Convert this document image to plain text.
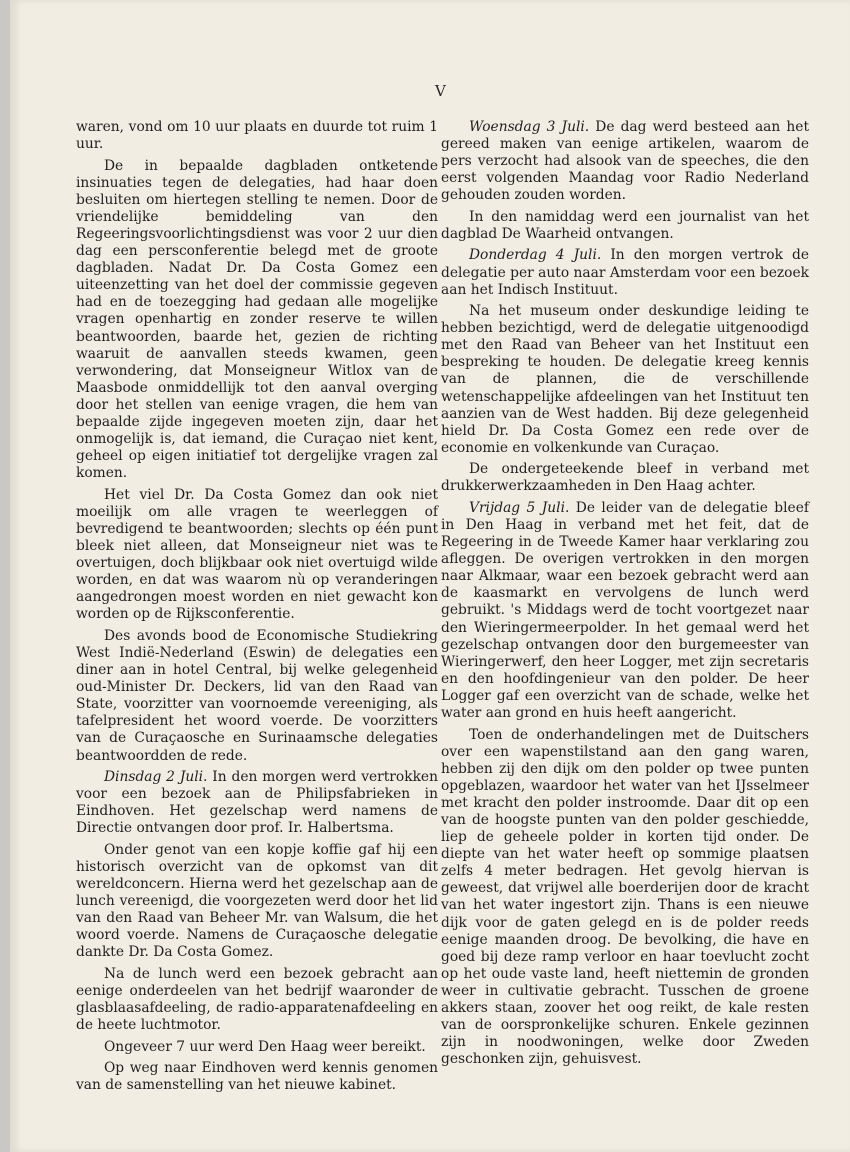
V

waren, vond om 10 uur plaats en duurde tot ruim 1 uur.

De in bepaalde dagbladen ontketende insinuaties tegen de delegaties, had haar doen besluiten om hiertegen stelling te nemen. Door de vriendelijke bemiddeling van den Regeeringsvoorlichtingsdienst was voor 2 uur dien dag een persconferentie belegd met de groote dagbladen. Nadat Dr. Da Costa Gomez een uiteenzetting van het doel der commissie gegeven had en de toezegging had gedaan alle mogelijke vragen openhartig en zonder reserve te willen beantwoorden, baarde het, gezien de richting waaruit de aanvallen steeds kwamen, geen verwondering, dat Monseigneur Witlox van de Maasbode onmiddellijk tot den aanval overging door het stellen van eenige vragen, die hem van bepaalde zijde ingegeven moeten zijn, daar het onmogelijk is, dat iemand, die Curaçao niet kent, geheel op eigen initiatief tot dergelijke vragen zal komen.

Het viel Dr. Da Costa Gomez dan ook niet moeilijk om alle vragen te weerleggen of bevredigend te beantwoorden; slechts op één punt bleek niet alleen, dat Monseigneur niet was te overtuigen, doch blijkbaar ook niet overtuigd wilde worden, en dat was waarom nù op veranderingen aangedrongen moest worden en niet gewacht kon worden op de Rijksconferentie.

Des avonds bood de Economische Studiekring West Indië-Nederland (Eswin) de delegaties een diner aan in hotel Central, bij welke gelegenheid oud-Minister Dr. Deckers, lid van den Raad van State, voorzitter van voornoemde vereeniging, als tafelpresident het woord voerde. De voorzitters van de Curaçaosche en Surinaamsche delegaties beantwoordden de rede.

Dinsdag 2 Juli. In den morgen werd vertrokken voor een bezoek aan de Philipsfabrieken in Eindhoven. Het gezelschap werd namens de Directie ontvangen door prof. Ir. Halbertsma.

Onder genot van een kopje koffie gaf hij een historisch overzicht van de opkomst van dit wereldconcern. Hierna werd het gezelschap aan de lunch vereenigd, die voorgezeten werd door het lid van den Raad van Beheer Mr. van Walsum, die het woord voerde. Namens de Curaçaosche delegatie dankte Dr. Da Costa Gomez.

Na de lunch werd een bezoek gebracht aan eenige onderdeelen van het bedrijf waaronder de glasblaasafdeeling, de radio-apparatenafdeeling en de heete luchtmotor.

Ongeveer 7 uur werd Den Haag weer bereikt.

Op weg naar Eindhoven werd kennis genomen van de samenstelling van het nieuwe kabinet.

Woensdag 3 Juli. De dag werd besteed aan het gereed maken van eenige artikelen, waarom de pers verzocht had alsook van de speeches, die den eerst volgenden Maandag voor Radio Nederland gehouden zouden worden.

In den namiddag werd een journalist van het dagblad De Waarheid ontvangen.

Donderdag 4 Juli. In den morgen vertrok de delegatie per auto naar Amsterdam voor een bezoek aan het Indisch Instituut.

Na het museum onder deskundige leiding te hebben bezichtigd, werd de delegatie uitgenoodigd met den Raad van Beheer van het Instituut een bespreking te houden. De delegatie kreeg kennis van de plannen, die de verschillende wetenschappelijke afdeelingen van het Instituut ten aanzien van de West hadden. Bij deze gelegenheid hield Dr. Da Costa Gomez een rede over de economie en volkenkunde van Curaçao.

De ondergeteekende bleef in verband met drukkerwerkzaamheden in Den Haag achter.

Vrijdag 5 Juli. De leider van de delegatie bleef in Den Haag in verband met het feit, dat de Regeering in de Tweede Kamer haar verklaring zou afleggen. De overigen vertrokken in den morgen naar Alkmaar, waar een bezoek gebracht werd aan de kaasmarkt en vervolgens de lunch werd gebruikt. 's Middags werd de tocht voortgezet naar den Wieringermeerpolder. In het gemaal werd het gezelschap ontvangen door den burgemeester van Wieringerwerf, den heer Logger, met zijn secretaris en den hoofdingenieur van den polder. De heer Logger gaf een overzicht van de schade, welke het water aan grond en huis heeft aangericht.

Toen de onderhandelingen met de Duitschers over een wapenstilstand aan den gang waren, hebben zij den dijk om den polder op twee punten opgeblazen, waardoor het water van het IJsselmeer met kracht den polder instroomde. Daar dit op een van de hoogste punten van den polder geschiedde, liep de geheele polder in korten tijd onder. De diepte van het water heeft op sommige plaatsen zelfs 4 meter bedragen. Het gevolg hiervan is geweest, dat vrijwel alle boerderijen door de kracht van het water ingestort zijn. Thans is een nieuwe dijk voor de gaten gelegd en is de polder reeds eenige maanden droog. De bevolking, die have en goed bij deze ramp verloor en haar toevlucht zocht op het oude vaste land, heeft niettemin de gronden weer in cultivatie gebracht. Tusschen de groene akkers staan, zoover het oog reikt, de kale resten van de oorspronkelijke schuren. Enkele gezinnen zijn in noodwoningen, welke door Zweden geschonken zijn, gehuisvest.
